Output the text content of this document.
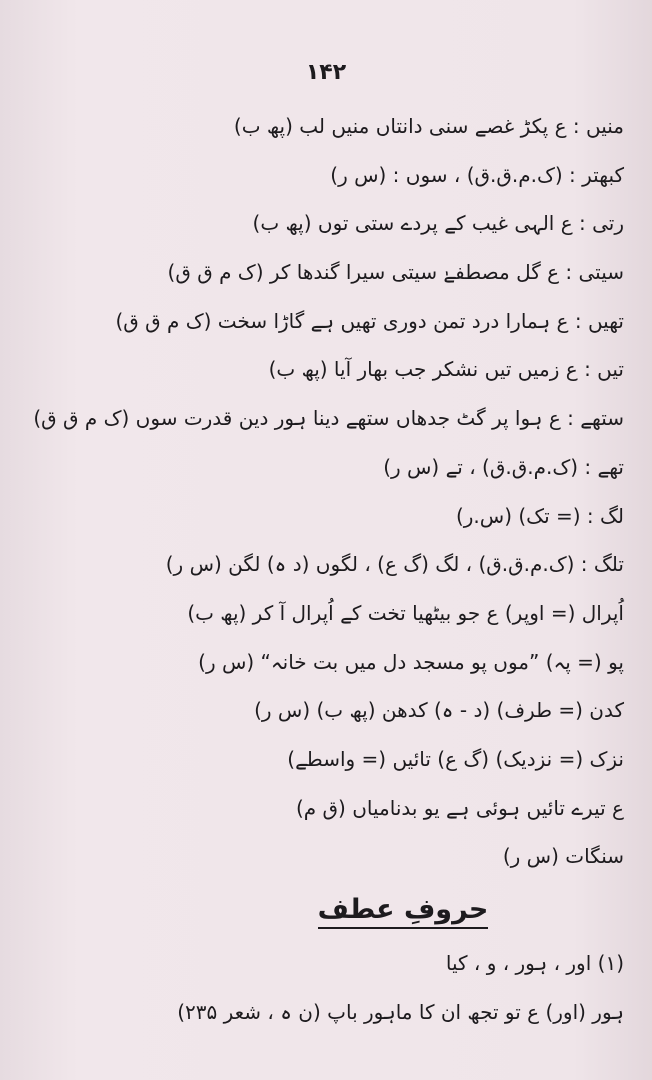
۱۴۲
منیں : ع پکڑ غصے سنی دانتاں منیں لب (پھ ب)
کبھتر : (ک.م.ق.ق) ، سوں : (س ر)
رتی : ع الہی غیب کے پردے ستی توں (پھ ب)
سیتی : ع گل مصطفےٰ سیتی سیرا گندھا کر (ک م ق ق)
تھیں : ع ہمارا درد تمن دوری تھیں ہے گاڑا سخت (ک م ق ق)
تیں : ع زمیں تیں نشکر جب بھار آیا (پھ ب)
ستھے : ع ہوا پر گٹ جدھاں ستھے دینا ہور دین قدرت سوں (ک م ق ق)
تھے : (ک.م.ق.ق) ، تے (س ر)
لگ : (= تک) (س.ر)
تلگ : (ک.م.ق.ق) ، لگ (گ ع) ، لگوں (د ہ) لگن (س ر)
اُپرال (= اوپر) ع جو بیٹھیا تخت کے اُپرال آ کر (پھ ب)
پو (= پہ) ”موں پو مسجد دل میں بت خانہ“ (س ر)
کدن (= طرف) (د - ہ) کدھن (پھ ب) (س ر)
نزک (= نزدیک) (گ ع) تائیں (= واسطے)
ع تیرے تائیں ہوئی ہے یو بدنامیاں (ق م)
سنگات (س ر)
حروفِ عطف
(۱) اور ، ہور ، و ، کیا
ہور (اور) ع تو تجھ ان کا ماہور باپ (ن ہ ، شعر ۲۳۵)
